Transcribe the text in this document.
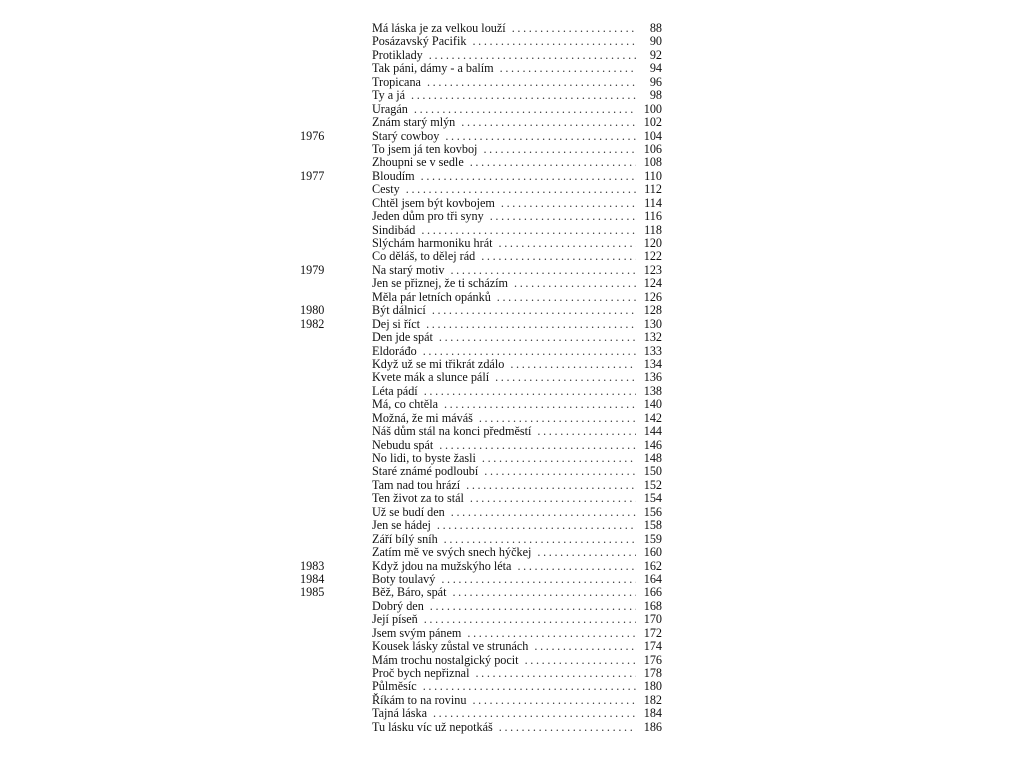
Má láska je za velkou louží . . .	88
Posázavský Pacifik . . .	90
Protiklady . . .	92
Tak páni, dámy - a balím . . .	94
Tropicana . . .	96
Ty a já . . .	98
Uragán . . .	100
Znám starý mlýn . . .	102
1976	Starý cowboy . . .	104
To jsem já ten kovboj . . .	106
Zhoupni se v sedle . . .	108
1977	Bloudím . . .	110
Cesty . . .	112
Chtěl jsem být kovbojem . . .	114
Jeden dům pro tři syny . . .	116
Sindibád . . .	118
Slýchám harmoniku hrát . . .	120
Co děláš, to dělej rád . . .	122
1979	Na starý motiv . . .	123
Jen se přiznej, že ti scházím . . .	124
Měla pár letních opánků . . .	126
1980	Být dálnicí . . .	128
1982	Dej si říct . . .	130
Den jde spát . . .	132
Eldoráđo . . .	133
Když už se mi třikrát zdálo . . .	134
Kvete mák a slunce pálí . . .	136
Léta pádí . . .	138
Má, co chtěla . . .	140
Možná, že mi máváš . . .	142
Náš dům stál na konci předměstí . . .	144
Nebudu spát . . .	146
No lidi, to byste žasli . . .	148
Staré známé podloubí . . .	150
Tam nad tou hrází . . .	152
Ten život za to stál . . .	154
Už se budí den . . .	156
Jen se hádej . . .	158
Září bílý sníh . . .	159
Zatím mě ve svých snech hýčkej . . .	160
1983	Když jdou na mužskýho léta . . .	162
1984	Boty toulavý . . .	164
1985	Běž, Báro, spát . . .	166
Dobrý den . . .	168
Její píseň . . .	170
Jsem svým pánem . . .	172
Kousek lásky zůstal ve strunách . . .	174
Mám trochu nostalgický pocit . . .	176
Proč bych nepřiznal . . .	178
Půlměsíc . . .	180
Říkám to na rovinu . . .	182
Tajná láska . . .	184
Tu lásku víc už nepotkáš . . .	186
